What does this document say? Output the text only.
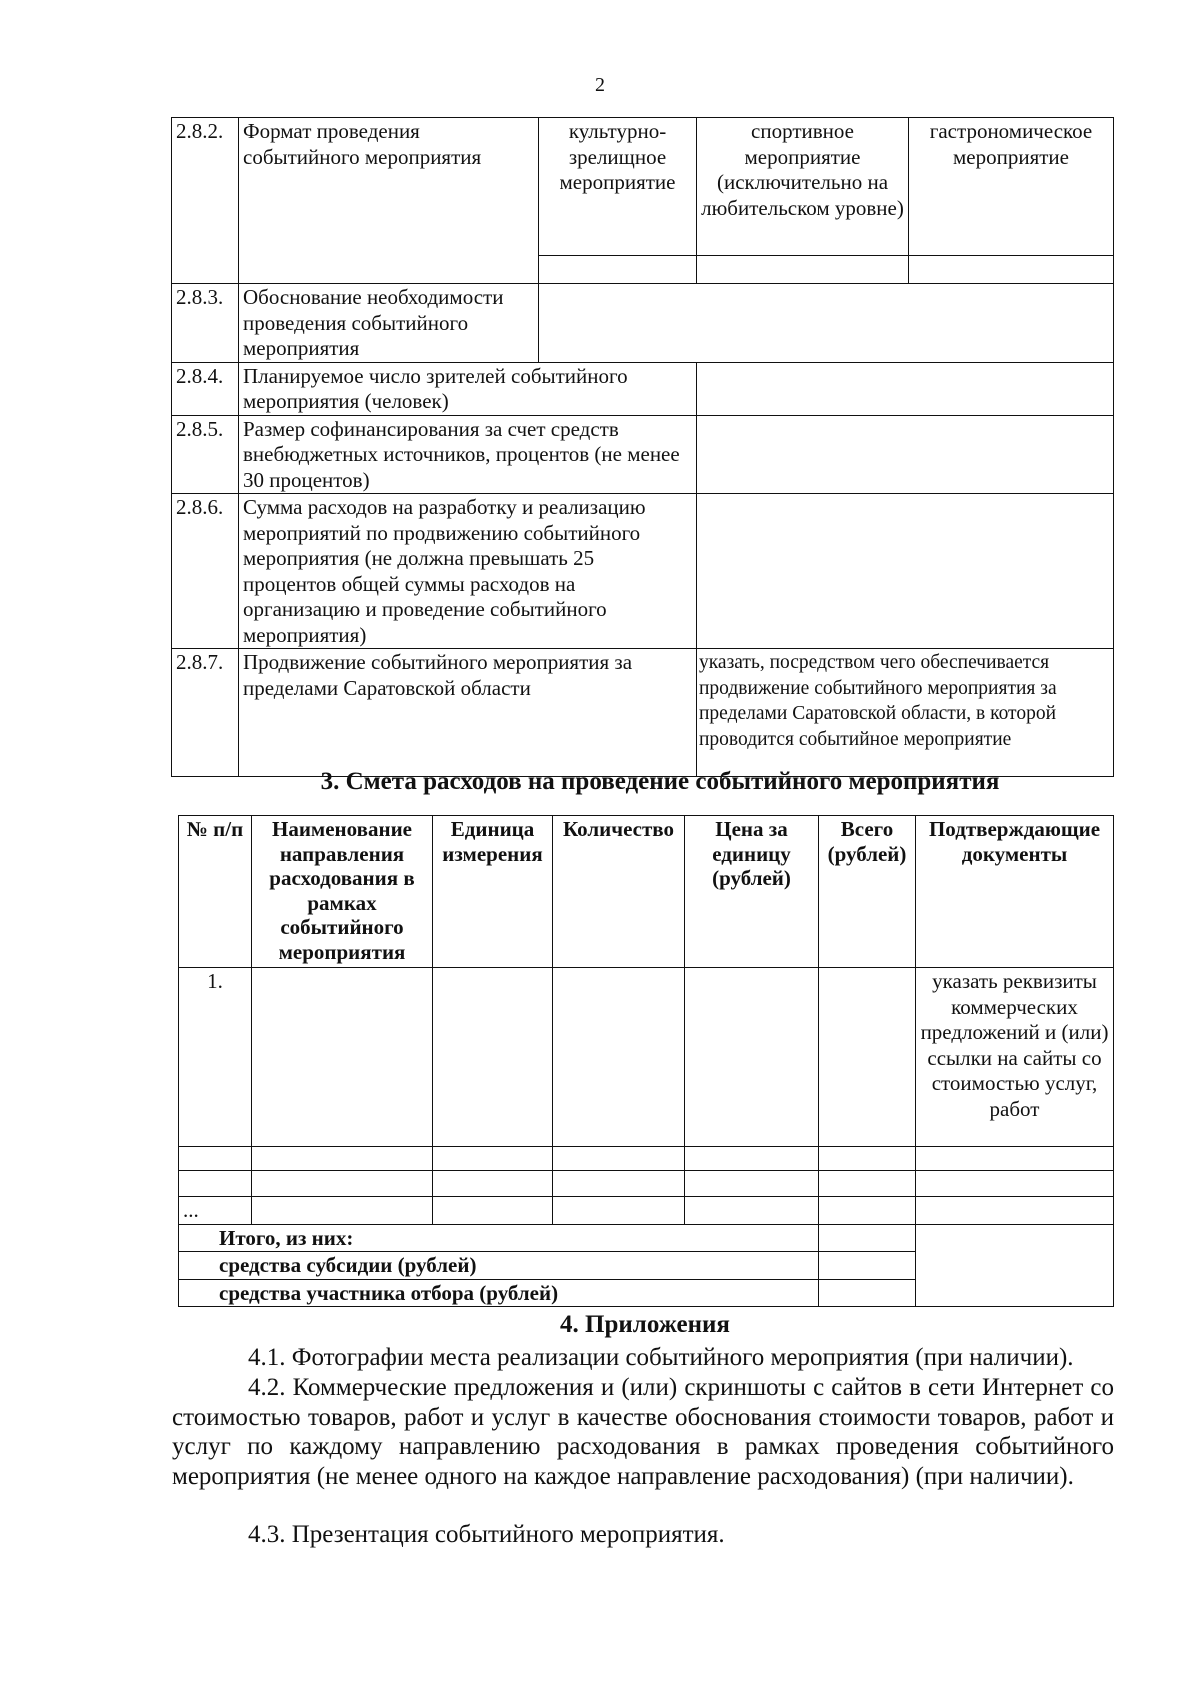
2
2.8.2.	Формат проведения событийного мероприятия	культурно-зрелищное мероприятие	спортивное мероприятие (исключительно на любительском уровне)	гастрономическое мероприятие

2.8.3.	Обоснование необходимости проведения событийного мероприятия			
2.8.4.	Планируемое число зрителей событийного мероприятия (человек)			
2.8.5.	Размер софинансирования за счет средств внебюджетных источников, процентов (не менее 30 процентов)			
2.8.6.	Сумма расходов на разработку и реализацию мероприятий по продвижению событийного мероприятия (не должна превышать 25 процентов общей суммы расходов на организацию и проведение событийного мероприятия)			
2.8.7.	Продвижение событийного мероприятия за пределами Саратовской области		указать, посредством чего обеспечивается продвижение событийного мероприятия за пределами Саратовской области, в которой проводится событийное мероприятие	
3. Смета расходов на проведение событийного мероприятия
№ п/п	Наименование направления расходования в рамках событийного мероприятия	Единица измерения	Количество	Цена за единицу (рублей)	Всего (рублей)	Подтверждающие документы
1.						указать реквизиты коммерческих предложений и (или) ссылки на сайты со стоимостью услуг, работ

...						
Итого, из них:						
средства субсидии (рублей)						
средства участника отбора (рублей)						
4. Приложения
4.1. Фотографии места реализации событийного мероприятия (при наличии).
4.2. Коммерческие предложения и (или) скриншоты с сайтов в сети Интернет со стоимостью товаров, работ и услуг в качестве обоснования стоимости товаров, работ и услуг по каждому направлению расходования в рамках проведения событийного мероприятия (не менее одного на каждое направление расходования) (при наличии).
4.3. Презентация событийного мероприятия.
